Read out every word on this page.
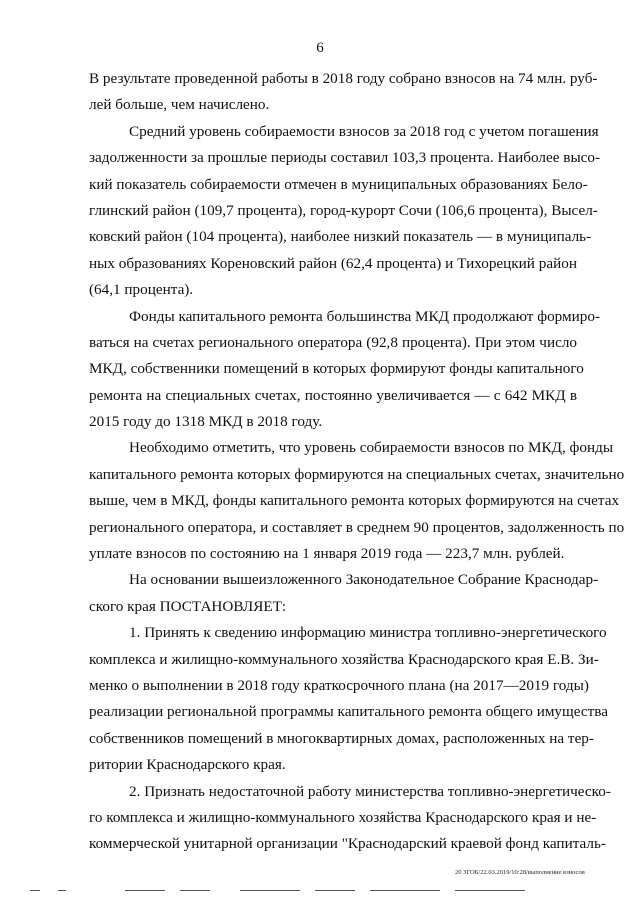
6
В результате проведенной работы в 2018 году собрано взносов на 74 млн. руб-
лей больше, чем начислено.
Средний уровень собираемости взносов за 2018 год с учетом погашения
задолженности за прошлые периоды составил 103,3 процента. Наиболее высо-
кий показатель собираемости отмечен в муниципальных образованиях Бело-
глинский район (109,7 процента), город-курорт Сочи (106,6 процента), Высел-
ковский район (104 процента), наиболее низкий показатель — в муниципаль-
ных образованиях Кореновский район (62,4 процента) и Тихорецкий район
(64,1 процента).
Фонды капитального ремонта большинства МКД продолжают формиро-
ваться на счетах регионального оператора (92,8 процента). При этом число
МКД, собственники помещений в которых формируют фонды капитального
ремонта на специальных счетах, постоянно увеличивается — с 642 МКД в
2015 году до 1318 МКД в 2018 году.
Необходимо отметить, что уровень собираемости взносов по МКД, фонды
капитального ремонта которых формируются на специальных счетах, значительно
выше, чем в МКД, фонды капитального ремонта которых формируются на счетах
регионального оператора, и составляет в среднем 90 процентов, задолженность по
уплате взносов по состоянию на 1 января 2019 года –– 223,7 млн. рублей.
На основании вышеизложенного Законодательное Собрание Краснодар-
ского края ПОСТАНОВЛЯЕТ:
1. Принять к сведению информацию министра топливно-энергетического
комплекса и жилищно-коммунального хозяйства Краснодарского края Е.В. Зи-
менко о выполнении в 2018 году краткосрочного плана (на 2017—2019 годы)
реализации региональной программы капитального ремонта общего имущества
собственников помещений в многоквартирных домах, расположенных на тер-
ритории Краснодарского края.
2. Признать недостаточной работу министерства топливно-энергетическо-
го комплекса и жилищно-коммунального хозяйства Краснодарского края и не-
коммерческой унитарной организации "Краснодарский краевой фонд капиталь-
20 ЗГОБ/22.03.2019/10:28/выполнение взносов
